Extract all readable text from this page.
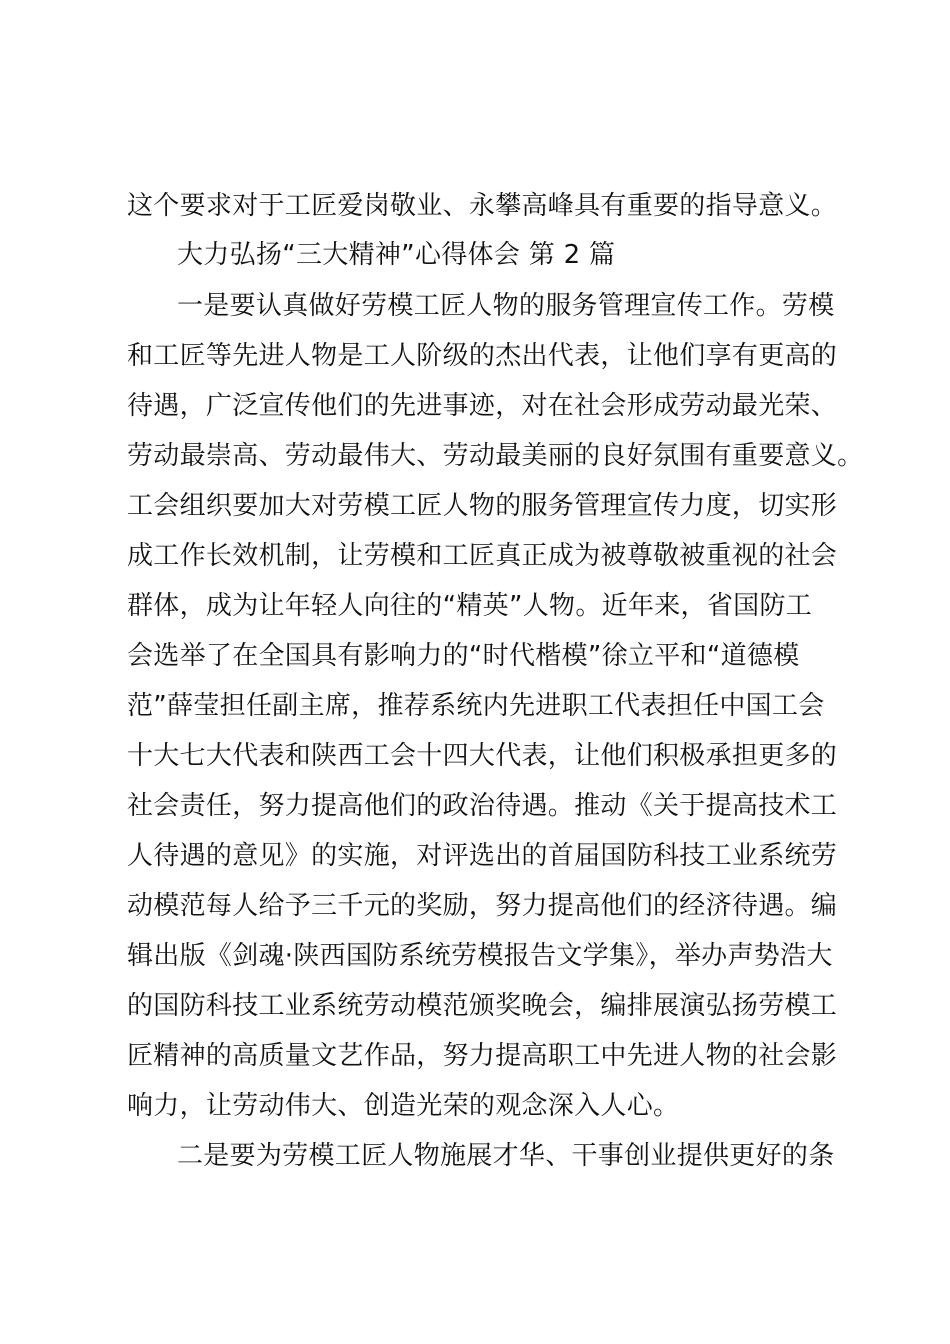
这个要求对于工匠爱岗敬业、永攀高峰具有重要的指导意义。

大力弘扬“三大精神”心得体会 第 2 篇

一是要认真做好劳模工匠人物的服务管理宣传工作。劳模

和工匠等先进人物是工人阶级的杰出代表，让他们享有更高的

待遇，广泛宣传他们的先进事迹，对在社会形成劳动最光荣、

劳动最崇高、劳动最伟大、劳动最美丽的良好氛围有重要意义。

工会组织要加大对劳模工匠人物的服务管理宣传力度，切实形

成工作长效机制，让劳模和工匠真正成为被尊敬被重视的社会

群体，成为让年轻人向往的“精英”人物。近年来，省国防工

会选举了在全国具有影响力的“时代楷模”徐立平和“道德模

范”薛莹担任副主席，推荐系统内先进职工代表担任中国工会

十大七大代表和陕西工会十四大代表，让他们积极承担更多的

社会责任，努力提高他们的政治待遇。推动《关于提高技术工

人待遇的意见》的实施，对评选出的首届国防科技工业系统劳

动模范每人给予三千元的奖励，努力提高他们的经济待遇。编

辑出版《剑魂·陕西国防系统劳模报告文学集》，举办声势浩大

的国防科技工业系统劳动模范颁奖晚会，编排展演弘扬劳模工

匠精神的高质量文艺作品，努力提高职工中先进人物的社会影

响力，让劳动伟大、创造光荣的观念深入人心。

二是要为劳模工匠人物施展才华、干事创业提供更好的条
